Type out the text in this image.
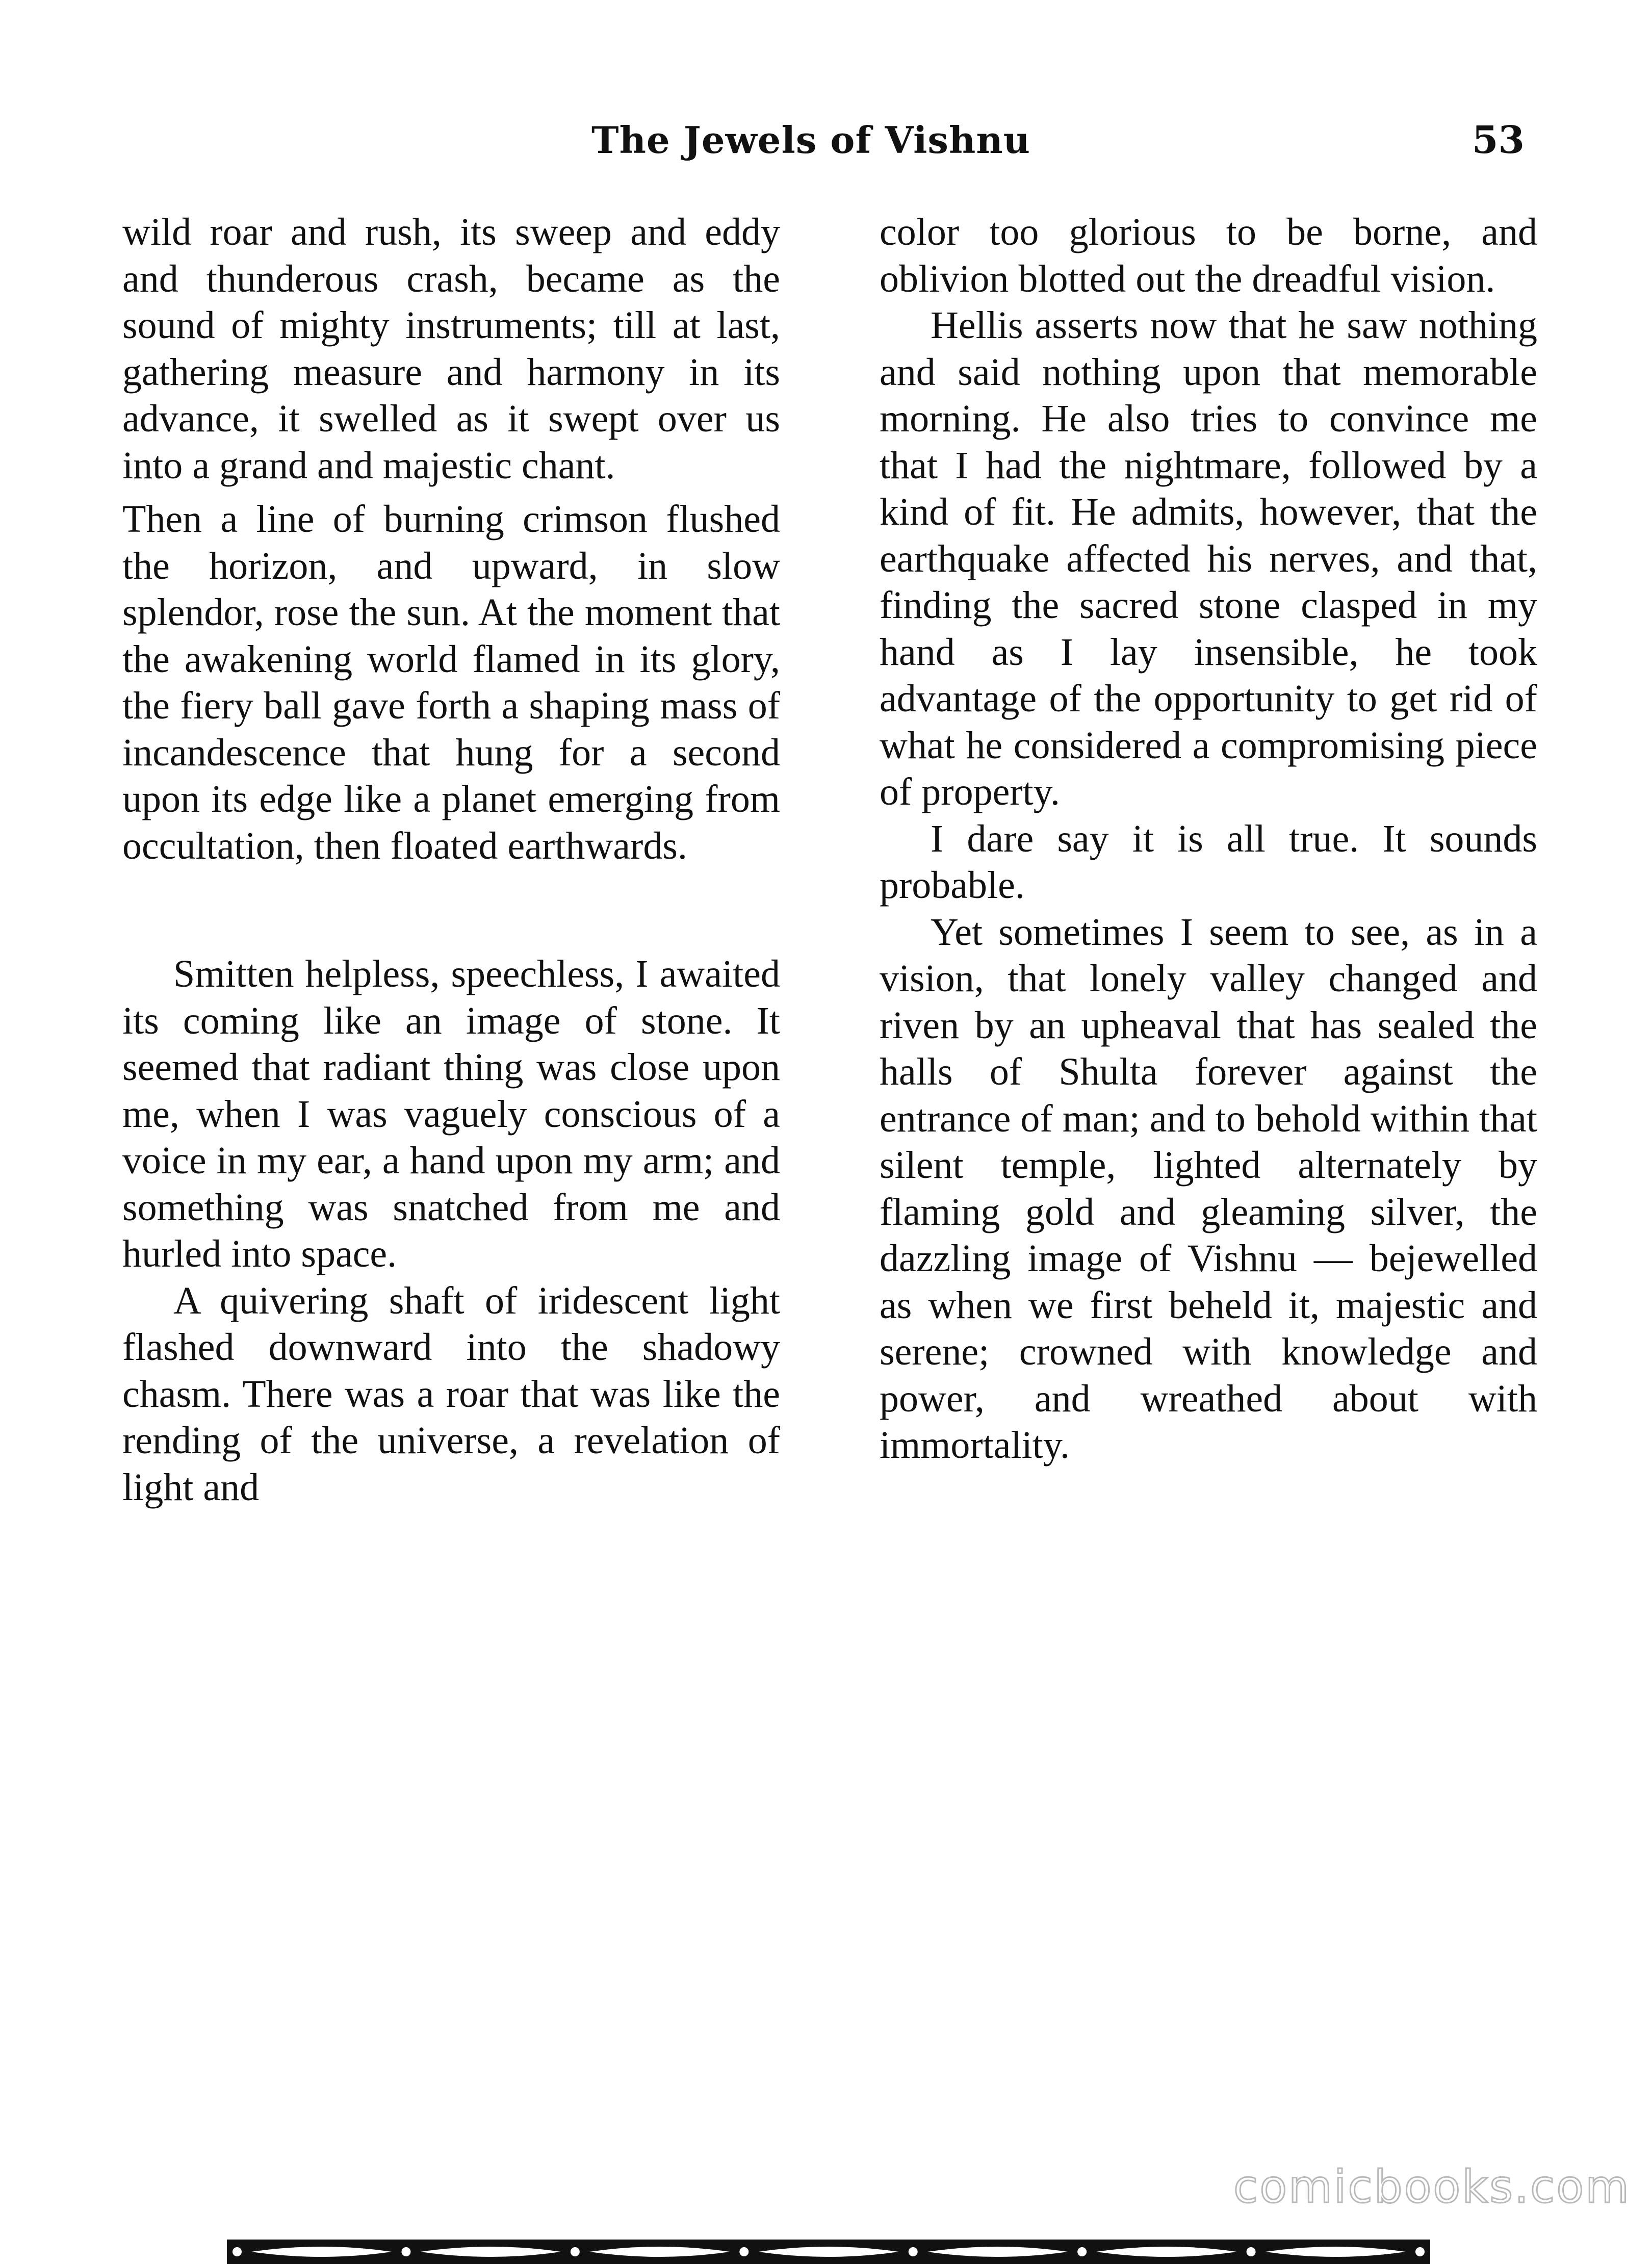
The Jewels of Vishnu	53

wild roar and rush, its sweep and eddy and thunderous crash, became as the sound of mighty instruments; till at last, gathering measure and harmony in its advance, it swelled as it swept over us into a grand and majestic chant.

Then a line of burning crimson flushed the horizon, and upward, in slow splendor, rose the sun. At the moment that the awakening world flamed in its glory, the fiery ball gave forth a shaping mass of incandescence that hung for a second upon its edge like a planet emerging from occultation, then floated earthwards.

Smitten helpless, speechless, I awaited its coming like an image of stone. It seemed that radiant thing was close upon me, when I was vaguely conscious of a voice in my ear, a hand upon my arm; and something was snatched from me and hurled into space.

A quivering shaft of iridescent light flashed downward into the shadowy chasm. There was a roar that was like the rending of the universe, a revelation of light and

color too glorious to be borne, and oblivion blotted out the dreadful vision.

Hellis asserts now that he saw nothing and said nothing upon that memorable morning. He also tries to convince me that I had the nightmare, followed by a kind of fit. He admits, however, that the earthquake affected his nerves, and that, finding the sacred stone clasped in my hand as I lay insensible, he took advantage of the opportunity to get rid of what he considered a compromising piece of property.

I dare say it is all true. It sounds probable.

Yet sometimes I seem to see, as in a vision, that lonely valley changed and riven by an upheaval that has sealed the halls of Shulta forever against the entrance of man; and to behold within that silent temple, lighted alternately by flaming gold and gleaming silver, the dazzling image of Vishnu — bejewelled as when we first beheld it, majestic and serene; crowned with knowledge and power, and wreathed about with immortality.

comicbooks.com
